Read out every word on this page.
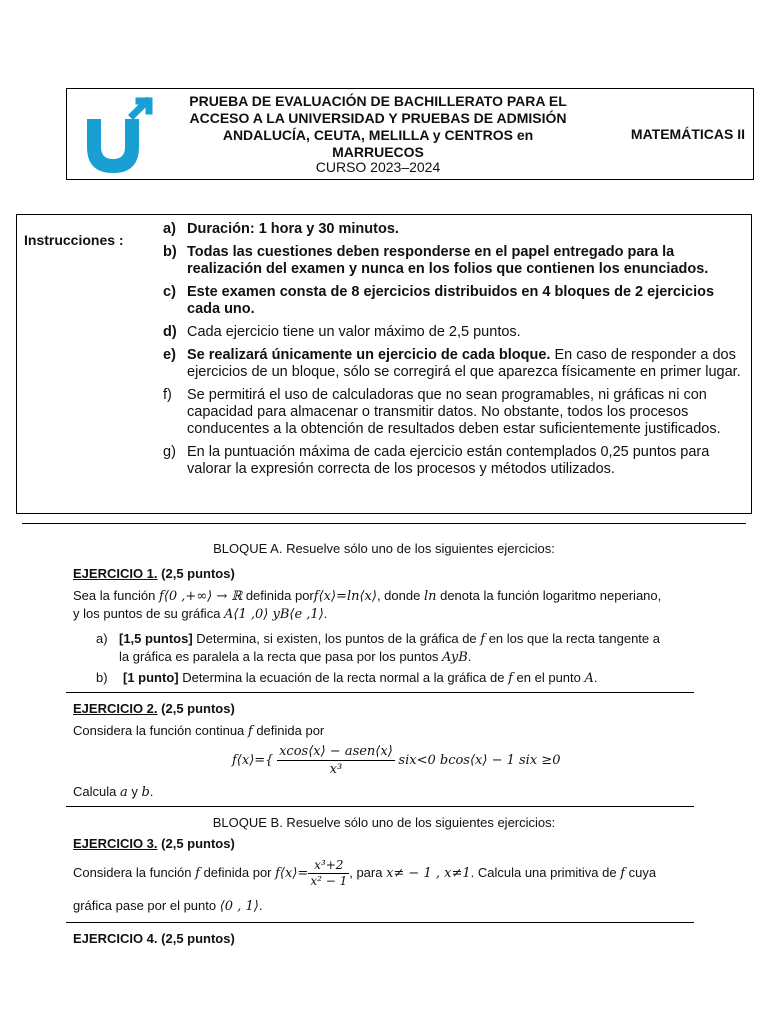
PRUEBA DE EVALUACIÓN DE BACHILLERATO PARA EL
ACCESO A LA UNIVERSIDAD Y PRUEBAS DE ADMISIÓN
ANDALUCÍA, CEUTA, MELILLA y CENTROS en
MARRUECOS
CURSO 2023–2024
MATEMÁTICAS II
Instrucciones :
a) Duración: 1 hora y 30 minutos.
b) Todas las cuestiones deben responderse en el papel entregado para la realización del examen y nunca en los folios que contienen los enunciados.
c) Este examen consta de 8 ejercicios distribuidos en 4 bloques de 2 ejercicios cada uno.
d) Cada ejercicio tiene un valor máximo de 2,5 puntos.
e) Se realizará únicamente un ejercicio de cada bloque. En caso de responder a dos ejercicios de un bloque, sólo se corregirá el que aparezca físicamente en primer lugar.
f)	Se permitirá el uso de calculadoras que no sean programables, ni gráficas ni con capacidad para almacenar o transmitir datos. No obstante, todos los procesos conducentes a la obtención de resultados deben estar suficientemente justificados.
g) En la puntuación máxima de cada ejercicio están contemplados 0,25 puntos para valorar la expresión correcta de los procesos y métodos utilizados.
BLOQUE A. Resuelve sólo uno de los siguientes ejercicios:
EJERCICIO 1. (2,5 puntos)
Sea la función f⟨0 ,+∞⟩ → ℝ definida porf⟨x⟩=ln⟨x⟩, donde ln denota la función logaritmo neperiano,
y los puntos de su gráfica A⟨1 ,0⟩ yB⟨e ,1⟩.
a) [1,5 puntos] Determina, si existen, los puntos de la gráfica de f en los que la recta tangente a
la gráfica es paralela a la recta que pasa por los puntos AyB.
b) [1 punto] Determina la ecuación de la recta normal a la gráfica de f en el punto A.
EJERCICIO 2. (2,5 puntos)
Considera la función continua f definida por
f⟨x⟩={ $\frac{\text{xcos⟨x⟩ − asen⟨x⟩}}{\text{x³}} six<0$ bcos⟨x⟩ − 1 six ≥0
Calcula a y b.
BLOQUE B. Resuelve sólo uno de los siguientes ejercicios:
EJERCICIO 3. (2,5 puntos)
Considera la función f definida por f⟨x⟩= $\frac{\text{x³+2}}{\text{x² − 1}}$ , para x≠ − 1 , x≠1. Calcula una primitiva de f cuya
gráfica pase por el punto ⟨0 , 1⟩.
EJERCICIO 4. (2,5 puntos)
